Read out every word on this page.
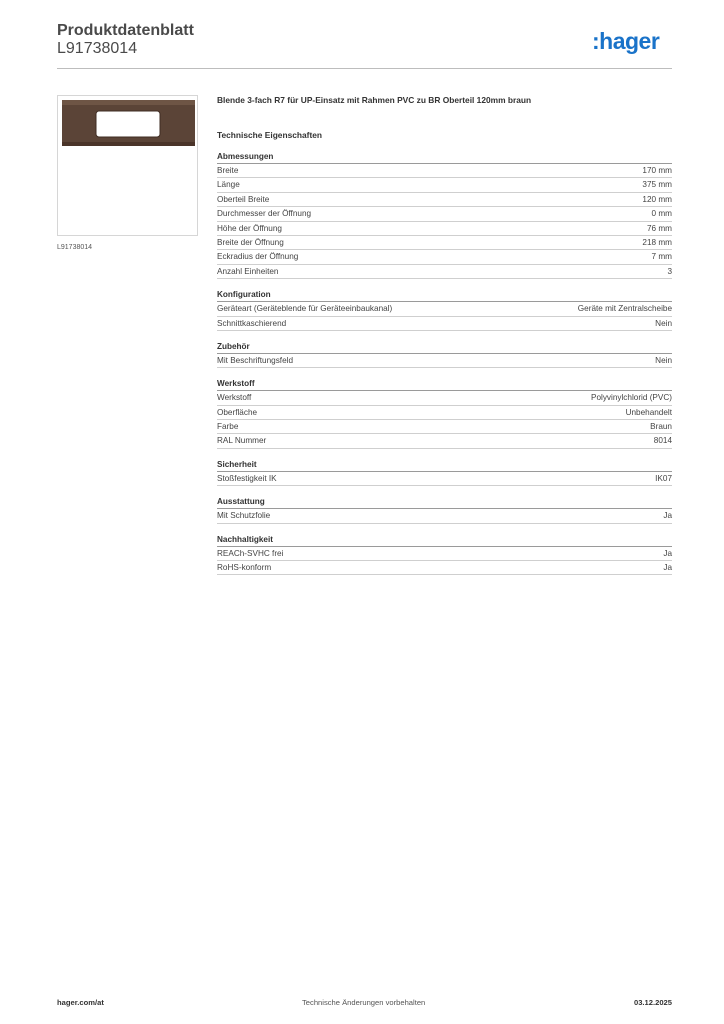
Produktdatenblatt
L91738014	:hager
L91738014
Blende 3-fach R7 für UP-Einsatz mit Rahmen PVC zu BR Oberteil 120mm braun
Technische Eigenschaften
Abmessungen
Breite	170 mm
Länge	375 mm
Oberteil Breite	120 mm
Durchmesser der Öffnung	0 mm
Höhe der Öffnung	76 mm
Breite der Öffnung	218 mm
Eckradius der Öffnung	7 mm
Anzahl Einheiten	3
Konfiguration
Geräteart (Geräteblende für Geräteeinbaukanal)	Geräte mit Zentralscheibe
Schnittkaschierend	Nein
Zubehör
Mit Beschriftungsfeld	Nein
Werkstoff
Werkstoff	Polyvinylchlorid (PVC)
Oberfläche	Unbehandelt
Farbe	Braun
RAL Nummer	8014
Sicherheit
Stoßfestigkeit IK	IK07
Ausstattung
Mit Schutzfolie	Ja
Nachhaltigkeit
REACh-SVHC frei	Ja
RoHS-konform	Ja
hager.com/at	Technische Änderungen vorbehalten	03.12.2025
